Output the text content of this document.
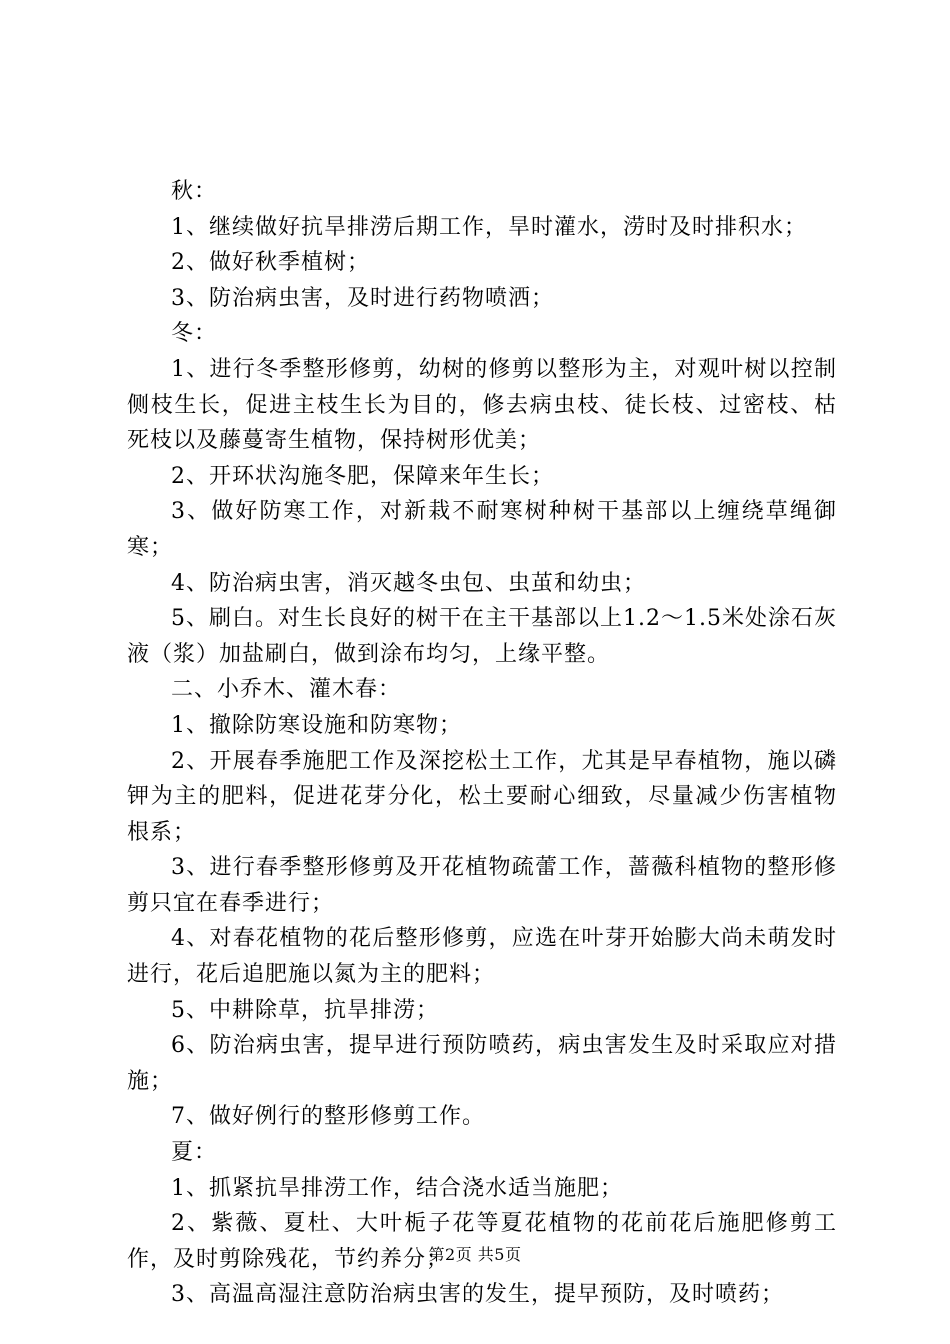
秋：

1、继续做好抗旱排涝后期工作，旱时灌水，涝时及时排积水；

2、做好秋季植树；

3、防治病虫害，及时进行药物喷洒；

冬：

1、进行冬季整形修剪，幼树的修剪以整形为主，对观叶树以控制侧枝生长，促进主枝生长为目的，修去病虫枝、徒长枝、过密枝、枯死枝以及藤蔓寄生植物，保持树形优美；

2、开环状沟施冬肥，保障来年生长；

3、做好防寒工作，对新栽不耐寒树种树干基部以上缠绕草绳御寒；

4、防治病虫害，消灭越冬虫包、虫茧和幼虫；

5、刷白。对生长良好的树干在主干基部以上1.2～1.5米处涂石灰液（浆）加盐刷白，做到涂布均匀，上缘平整。

二、小乔木、灌木春：

1、撤除防寒设施和防寒物；

2、开展春季施肥工作及深挖松土工作，尤其是早春植物，施以磷钾为主的肥料，促进花芽分化，松土要耐心细致，尽量减少伤害植物根系；

3、进行春季整形修剪及开花植物疏蕾工作，蔷薇科植物的整形修剪只宜在春季进行；

4、对春花植物的花后整形修剪，应选在叶芽开始膨大尚未萌发时进行，花后追肥施以氮为主的肥料；

5、中耕除草，抗旱排涝；

6、防治病虫害，提早进行预防喷药，病虫害发生及时采取应对措施；

7、做好例行的整形修剪工作。

夏：

1、抓紧抗旱排涝工作，结合浇水适当施肥；

2、紫薇、夏杜、大叶栀子花等夏花植物的花前花后施肥修剪工作，及时剪除残花，节约养分；

3、高温高湿注意防治病虫害的发生，提早预防，及时喷药；

第2页 共5页
